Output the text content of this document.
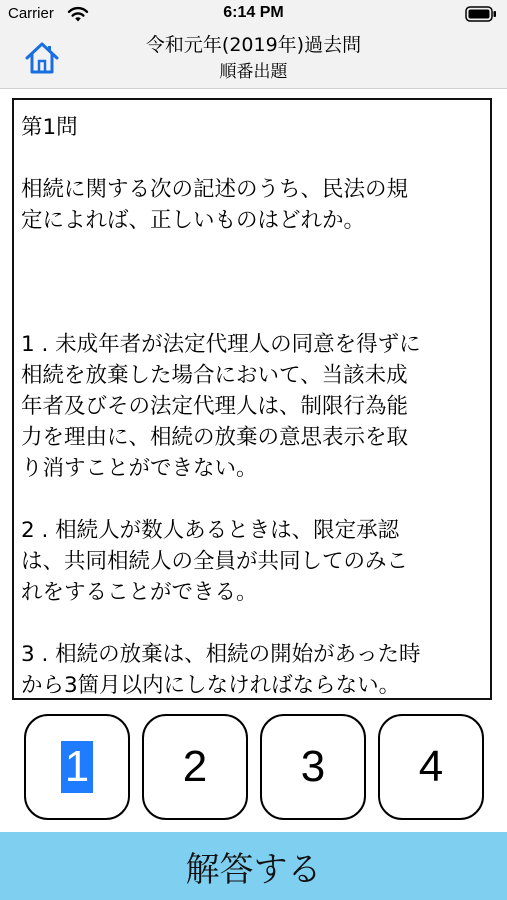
Carrier	6:14 PM
令和元年(2019年)過去問
順番出題

第1問

相続に関する次の記述のうち、民法の規
定によれば、正しいものはどれか。

1 . 未成年者が法定代理人の同意を得ずに
相続を放棄した場合において、当該未成
年者及びその法定代理人は、制限行為能
力を理由に、相続の放棄の意思表示を取
り消すことができない。

2 . 相続人が数人あるときは、限定承認
は、共同相続人の全員が共同してのみこ
れをすることができる。

3 . 相続の放棄は、相続の開始があった時
から3箇月以内にしなければならない。

1 2 3 4
解答する
